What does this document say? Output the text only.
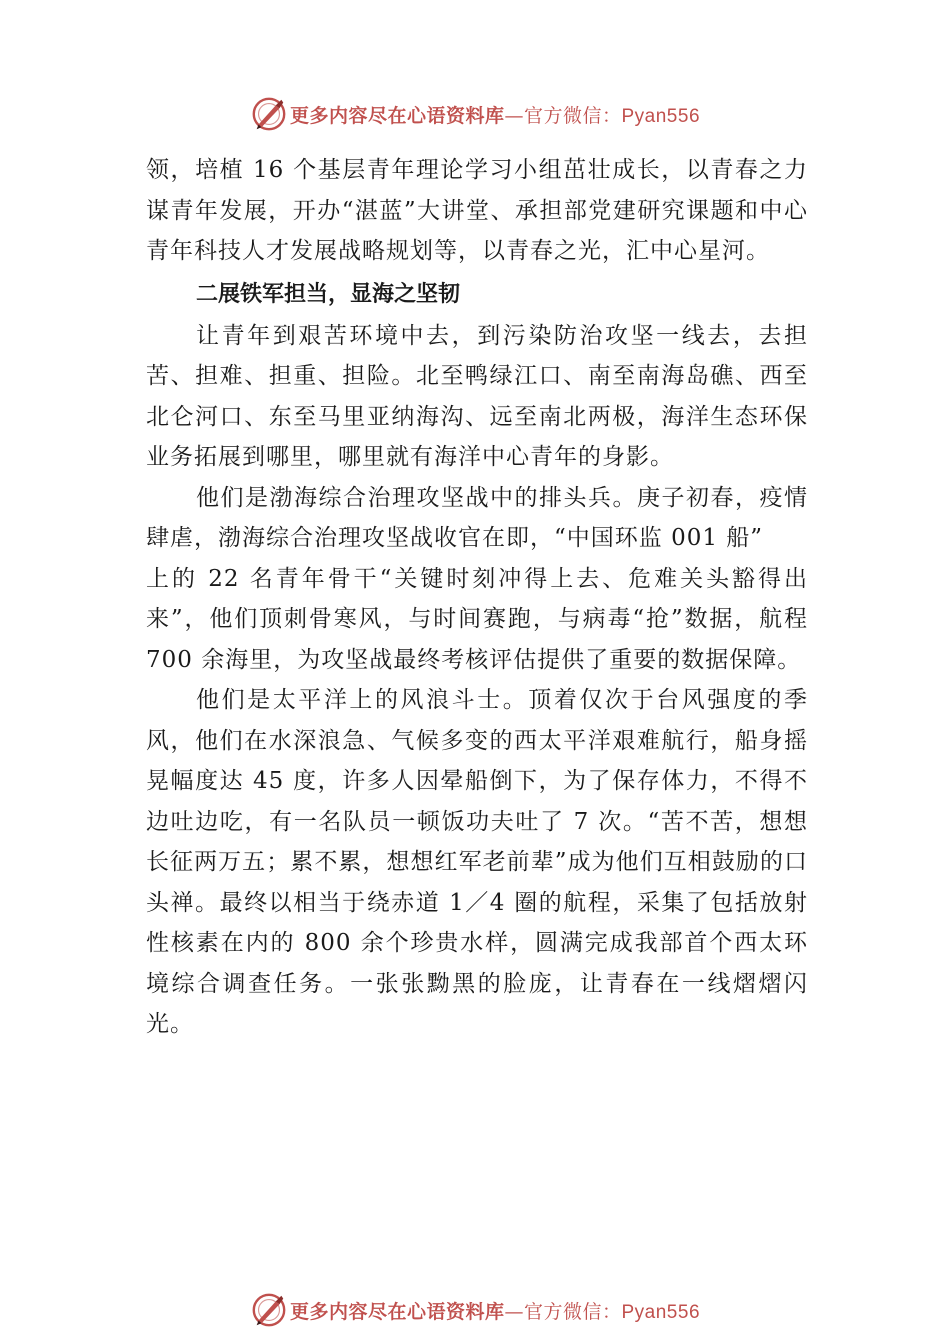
更多内容尽在心语资料库—官方微信：Pyan556

领，培植 16 个基层青年理论学习小组茁壮成长，以青春之力谋青年发展，开办“湛蓝”大讲堂、承担部党建研究课题和中心青年科技人才发展战略规划等，以青春之光，汇中心星河。

二展铁军担当，显海之坚韧

让青年到艰苦环境中去，到污染防治攻坚一线去，去担苦、担难、担重、担险。北至鸭绿江口、南至南海岛礁、西至北仑河口、东至马里亚纳海沟、远至南北两极，海洋生态环保业务拓展到哪里，哪里就有海洋中心青年的身影。

他们是渤海综合治理攻坚战中的排头兵。庚子初春，疫情肆虐，渤海综合治理攻坚战收官在即，“中国环监 001 船”

上的 22 名青年骨干“关键时刻冲得上去、危难关头豁得出来”，他们顶刺骨寒风，与时间赛跑，与病毒“抢”数据，航程 700 余海里，为攻坚战最终考核评估提供了重要的数据保障。

他们是太平洋上的风浪斗士。顶着仅次于台风强度的季风，他们在水深浪急、气候多变的西太平洋艰难航行，船身摇晃幅度达 45 度，许多人因晕船倒下，为了保存体力，不得不边吐边吃，有一名队员一顿饭功夫吐了 7 次。“苦不苦，想想长征两万五；累不累，想想红军老前辈”成为他们互相鼓励的口头禅。最终以相当于绕赤道 1／4 圈的航程，采集了包括放射性核素在内的 800 余个珍贵水样，圆满完成我部首个西太环境综合调查任务。一张张黝黑的脸庞，让青春在一线熠熠闪光。

更多内容尽在心语资料库—官方微信：Pyan556
